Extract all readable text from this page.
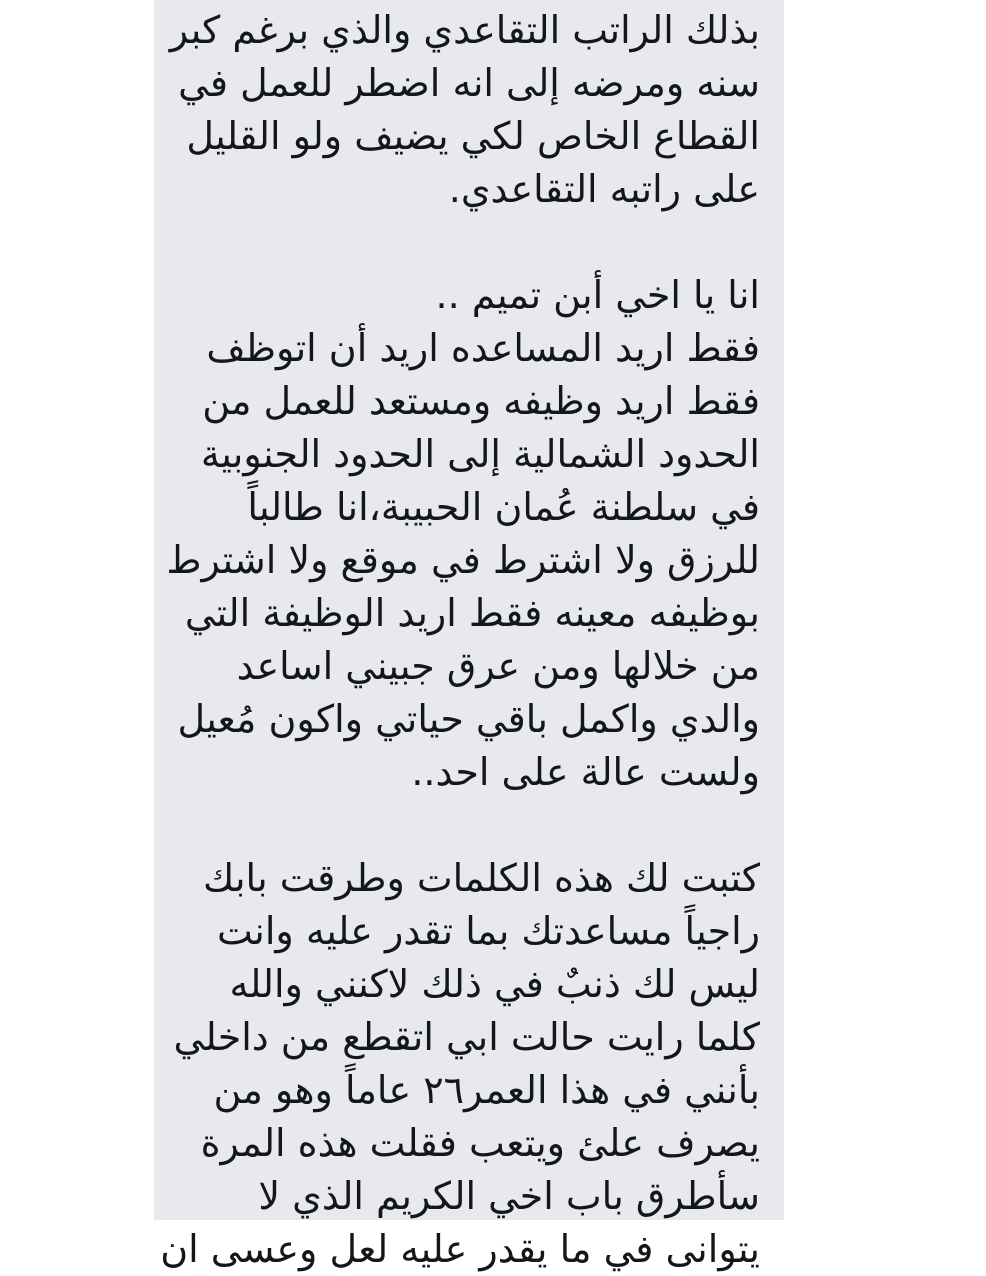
بذلك الراتب التقاعدي والذي برغم كبر
سنه ومرضه إلى انه اضطر للعمل في
القطاع الخاص لكي يضيف ولو القليل
على راتبه التقاعدي.
انا يا اخي أبن تميم ..
فقط اريد المساعده اريد أن اتوظف
فقط اريد وظيفه ومستعد للعمل من
الحدود الشمالية إلى الحدود الجنوبية
في سلطنة عُمان الحبيبة،انا طالباً
للرزق ولا اشترط في موقع ولا اشترط
بوظيفه معينه فقط اريد الوظيفة التي
من خلالها ومن عرق جبيني اساعد
والدي واكمل باقي حياتي واكون مُعيل
ولست عالة على احد..
كتبت لك هذه الكلمات وطرقت بابك
راجياً مساعدتك بما تقدر عليه وانت
ليس لك ذنبٌ في ذلك لاكنني والله
كلما رايت حالت ابي اتقطع من داخلي
بأنني في هذا العمر٢٦ عاماً وهو من
يصرف علئ ويتعب فقلت هذه المرة
سأطرق باب اخي الكريم الذي لا
يتوانى في ما يقدر عليه لعل وعسى ان
